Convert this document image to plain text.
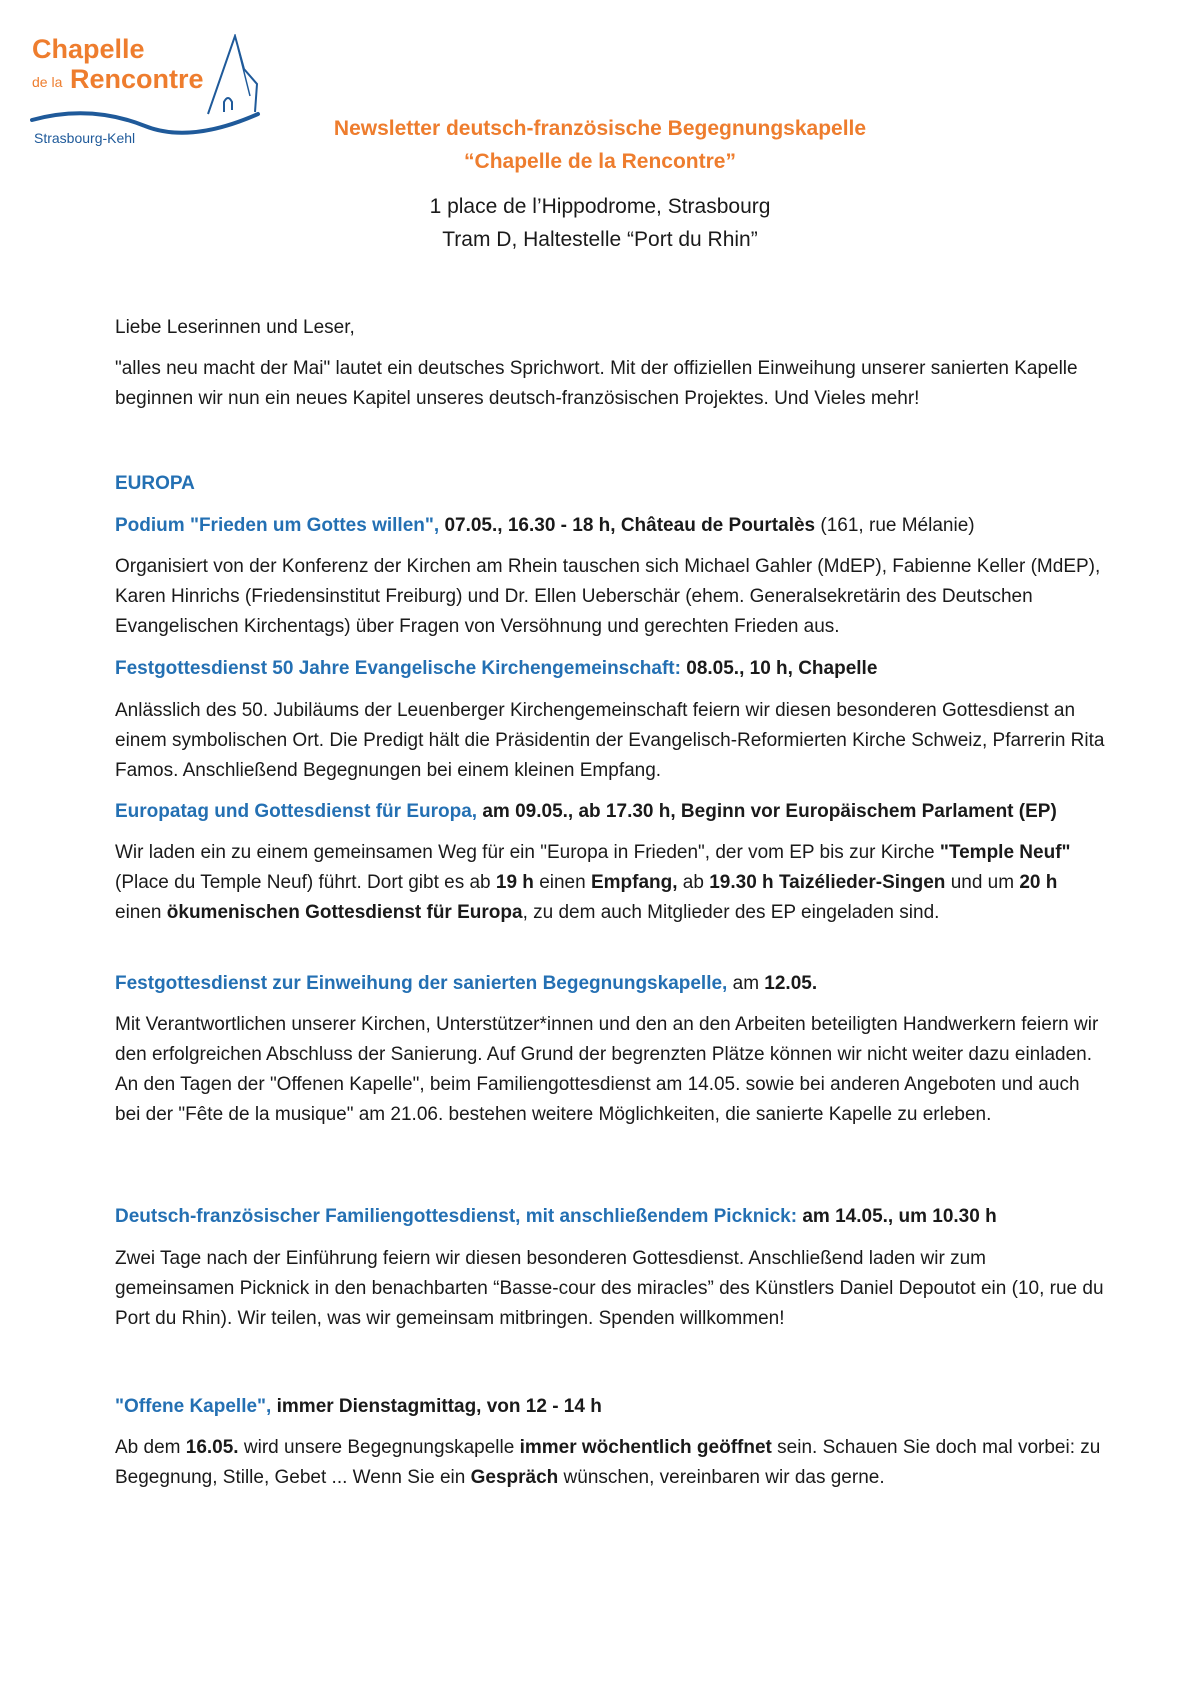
Chapelle
de la Rencontre
Strasbourg-Kehl	Newsletter deutsch-französische Begegnungskapelle
“Chapelle de la Rencontre”
1 place de l’Hippodrome, Strasbourg
Tram D, Haltestelle “Port du Rhin”
Liebe Leserinnen und Leser,
"alles neu macht der Mai" lautet ein deutsches Sprichwort. Mit der offiziellen Einweihung unserer sanierten Kapelle beginnen wir nun ein neues Kapitel unseres deutsch-französischen Projektes. Und Vieles mehr!
EUROPA
Podium "Frieden um Gottes willen", 07.05., 16.30 - 18 h, Château de Pourtalès (161, rue Mélanie)
Organisiert von der Konferenz der Kirchen am Rhein tauschen sich Michael Gahler (MdEP), Fabienne Keller (MdEP), Karen Hinrichs (Friedensinstitut Freiburg) und Dr. Ellen Ueberschär (ehem. Generalsekretärin des Deutschen Evangelischen Kirchentags) über Fragen von Versöhnung und gerechten Frieden aus.
Festgottesdienst 50 Jahre Evangelische Kirchengemeinschaft: 08.05., 10 h, Chapelle
Anlässlich des 50. Jubiläums der Leuenberger Kirchengemeinschaft feiern wir diesen besonderen Gottesdienst an einem symbolischen Ort. Die Predigt hält die Präsidentin der Evangelisch-Reformierten Kirche Schweiz, Pfarrerin Rita Famos. Anschließend Begegnungen bei einem kleinen Empfang.
Europatag und Gottesdienst für Europa, am 09.05., ab 17.30 h, Beginn vor Europäischem Parlament (EP)
Wir laden ein zu einem gemeinsamen Weg für ein "Europa in Frieden", der vom EP bis zur Kirche "Temple Neuf" (Place du Temple Neuf) führt. Dort gibt es ab 19 h einen Empfang, ab 19.30 h Taizélieder-Singen und um 20 h einen ökumenischen Gottesdienst für Europa, zu dem auch Mitglieder des EP eingeladen sind.
Festgottesdienst zur Einweihung der sanierten Begegnungskapelle, am 12.05.
Mit Verantwortlichen unserer Kirchen, Unterstützer*innen und den an den Arbeiten beteiligten Handwerkern feiern wir den erfolgreichen Abschluss der Sanierung. Auf Grund der begrenzten Plätze können wir nicht weiter dazu einladen. An den Tagen der "Offenen Kapelle", beim Familiengottesdienst am 14.05. sowie bei anderen Angeboten und auch bei der "Fête de la musique" am 21.06. bestehen weitere Möglichkeiten, die sanierte Kapelle zu erleben.
Deutsch-französischer Familiengottesdienst, mit anschließendem Picknick: am 14.05., um 10.30 h
Zwei Tage nach der Einführung feiern wir diesen besonderen Gottesdienst. Anschließend laden wir zum gemeinsamen Picknick in den benachbarten “Basse-cour des miracles” des Künstlers Daniel Depoutot ein (10, rue du Port du Rhin). Wir teilen, was wir gemeinsam mitbringen. Spenden willkommen!
"Offene Kapelle", immer Dienstagmittag, von 12 - 14 h
Ab dem 16.05. wird unsere Begegnungskapelle immer wöchentlich geöffnet sein. Schauen Sie doch mal vorbei: zu Begegnung, Stille, Gebet ... Wenn Sie ein Gespräch wünschen, vereinbaren wir das gerne.
